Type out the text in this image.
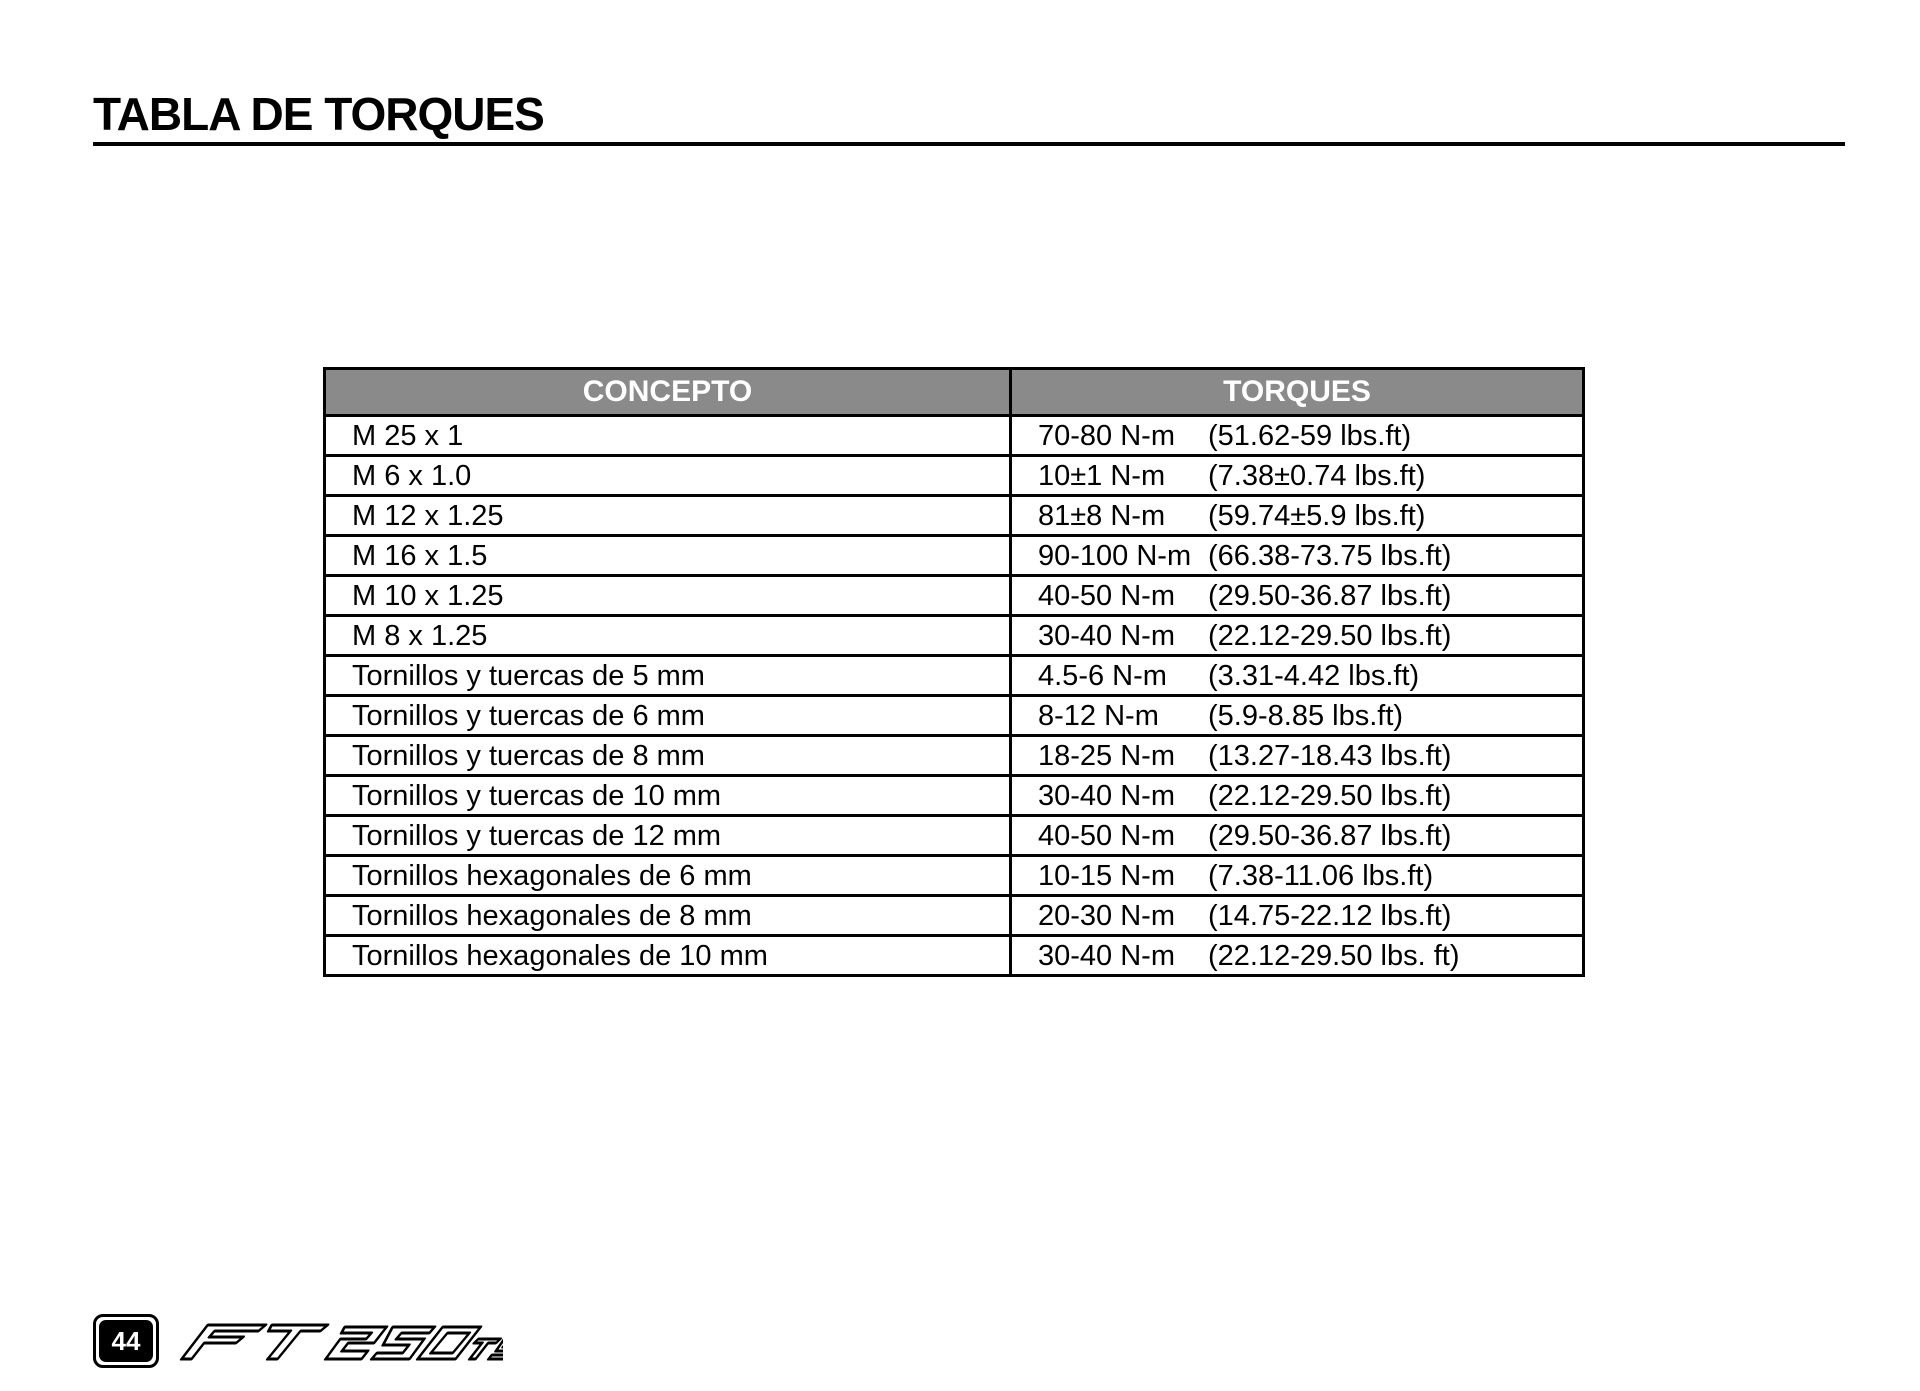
TABLA DE TORQUES
CONCEPTO	TORQUES
M 25 x 1	70-80 N-m (51.62-59 lbs.ft)
M 6 x 1.0	10±1 N-m (7.38±0.74 lbs.ft)
M 12 x 1.25	81±8 N-m (59.74±5.9 lbs.ft)
M 16 x 1.5	90-100 N-m (66.38-73.75 lbs.ft)
M 10 x 1.25	40-50 N-m (29.50-36.87 lbs.ft)
M 8 x 1.25	30-40 N-m (22.12-29.50 lbs.ft)
Tornillos y tuercas de 5 mm	4.5-6 N-m (3.31-4.42 lbs.ft)
Tornillos y tuercas de 6 mm	8-12 N-m (5.9-8.85 lbs.ft)
Tornillos y tuercas de 8 mm	18-25 N-m (13.27-18.43 lbs.ft)
Tornillos y tuercas de 10 mm	30-40 N-m (22.12-29.50 lbs.ft)
Tornillos y tuercas de 12 mm	40-50 N-m (29.50-36.87 lbs.ft)
Tornillos hexagonales de 6 mm	10-15 N-m (7.38-11.06 lbs.ft)
Tornillos hexagonales de 8 mm	20-30 N-m (14.75-22.12 lbs.ft)
Tornillos hexagonales de 10 mm	30-40 N-m (22.12-29.50 lbs. ft)
44
